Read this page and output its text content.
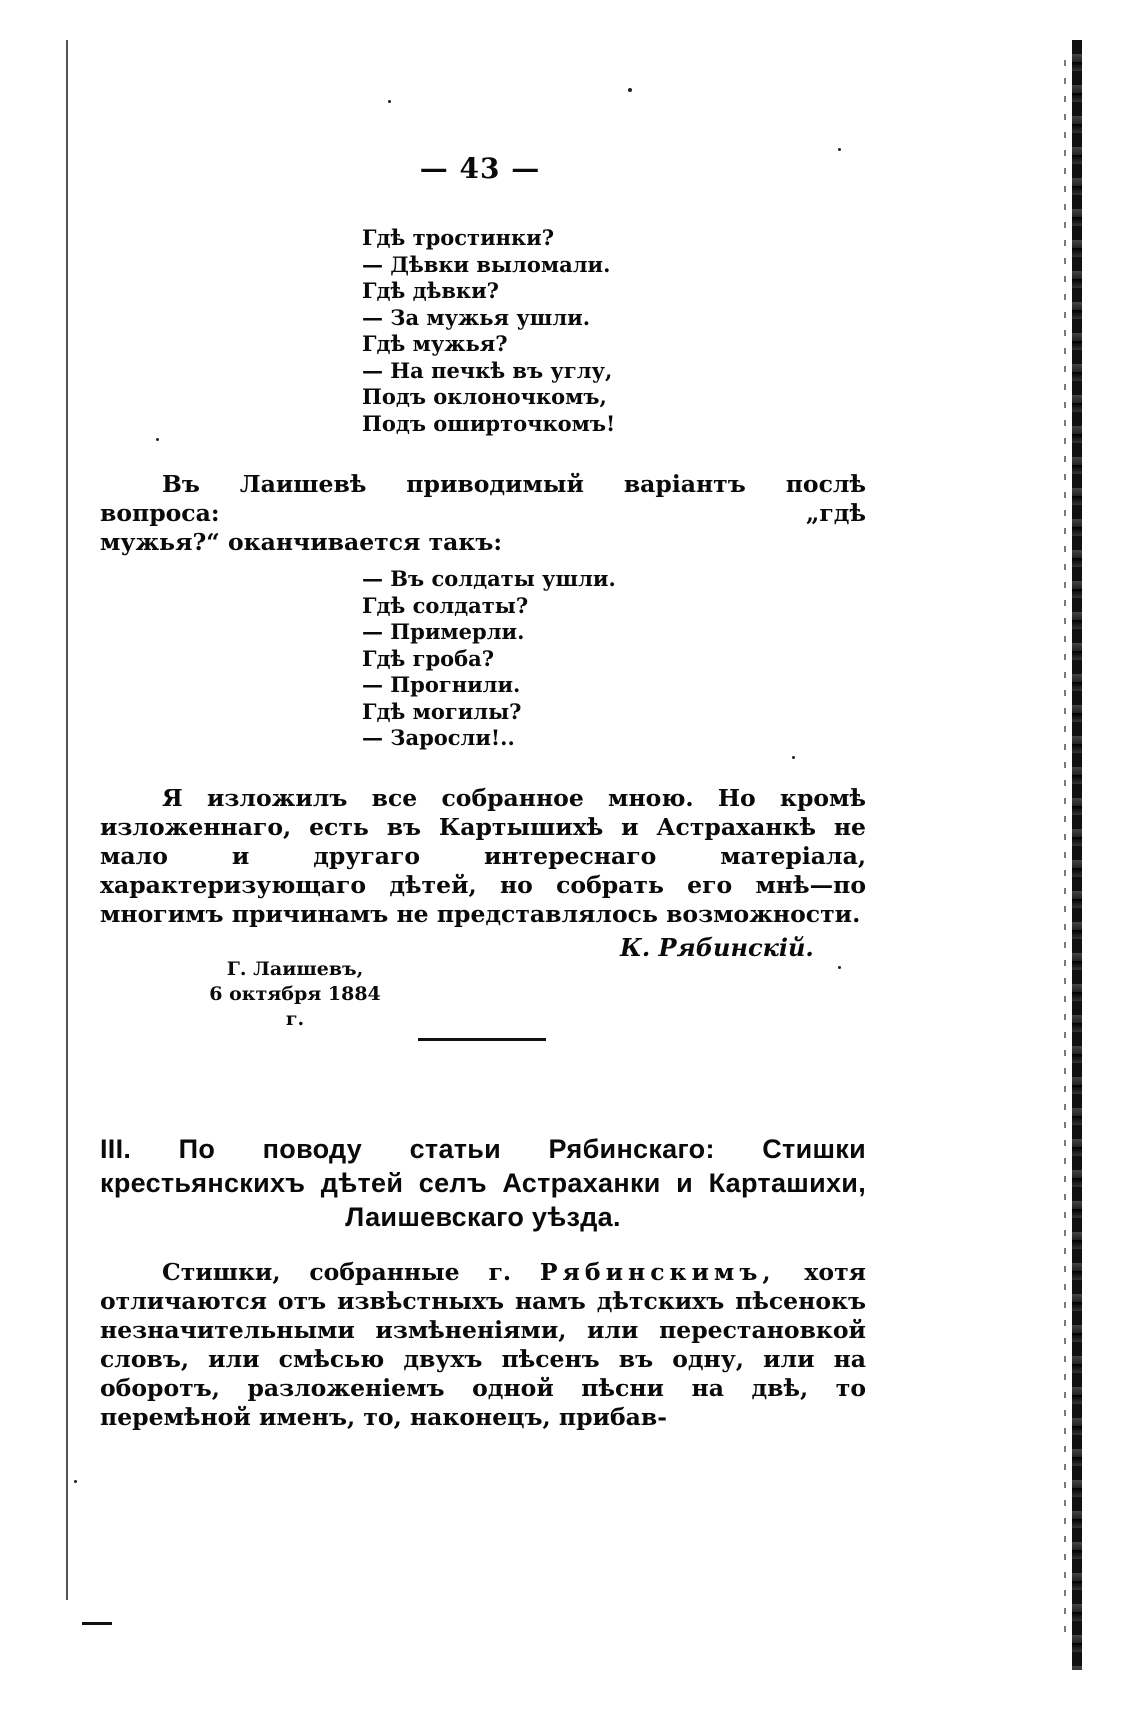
— 43 —
Гдѣ тростинки?
— Дѣвки выломали.
Гдѣ дѣвки?
— За мужья ушли.
Гдѣ мужья?
— На печкѣ въ углу,
Подъ оклоночкомъ,
Подъ оширточкомъ!
Въ Лаишевѣ приводимый варіантъ послѣ вопроса: „гдѣ
мужья?“ оканчивается такъ:
— Въ солдаты ушли.
Гдѣ солдаты?
— Примерли.
Гдѣ гроба?
— Прогнили.
Гдѣ могилы?
— Заросли!..
Я изложилъ все собранное мною. Но кромѣ изложеннаго, есть въ Картышихѣ и Астраханкѣ не мало и другаго интереснаго матеріала, характеризующаго дѣтей, но собрать его мнѣ—по многимъ причинамъ не представлялось возможности.
К. Рябинскій.
Г. Лаишевъ,
6 октября 1884 г.
III. По поводу статьи Рябинскаго: Стишки крестьянскихъ дѣтей селъ Астраханки и Карташихи, Лаишевскаго уѣзда.
Стишки, собранные г. Рябинскимъ, хотя отличаются отъ извѣстныхъ намъ дѣтскихъ пѣсенокъ незначительными измѣненіями, или перестановкой словъ, или смѣсью двухъ пѣсенъ въ одну, или на оборотъ, разложеніемъ одной пѣсни на двѣ, то перемѣной именъ, то, наконецъ, прибав-
